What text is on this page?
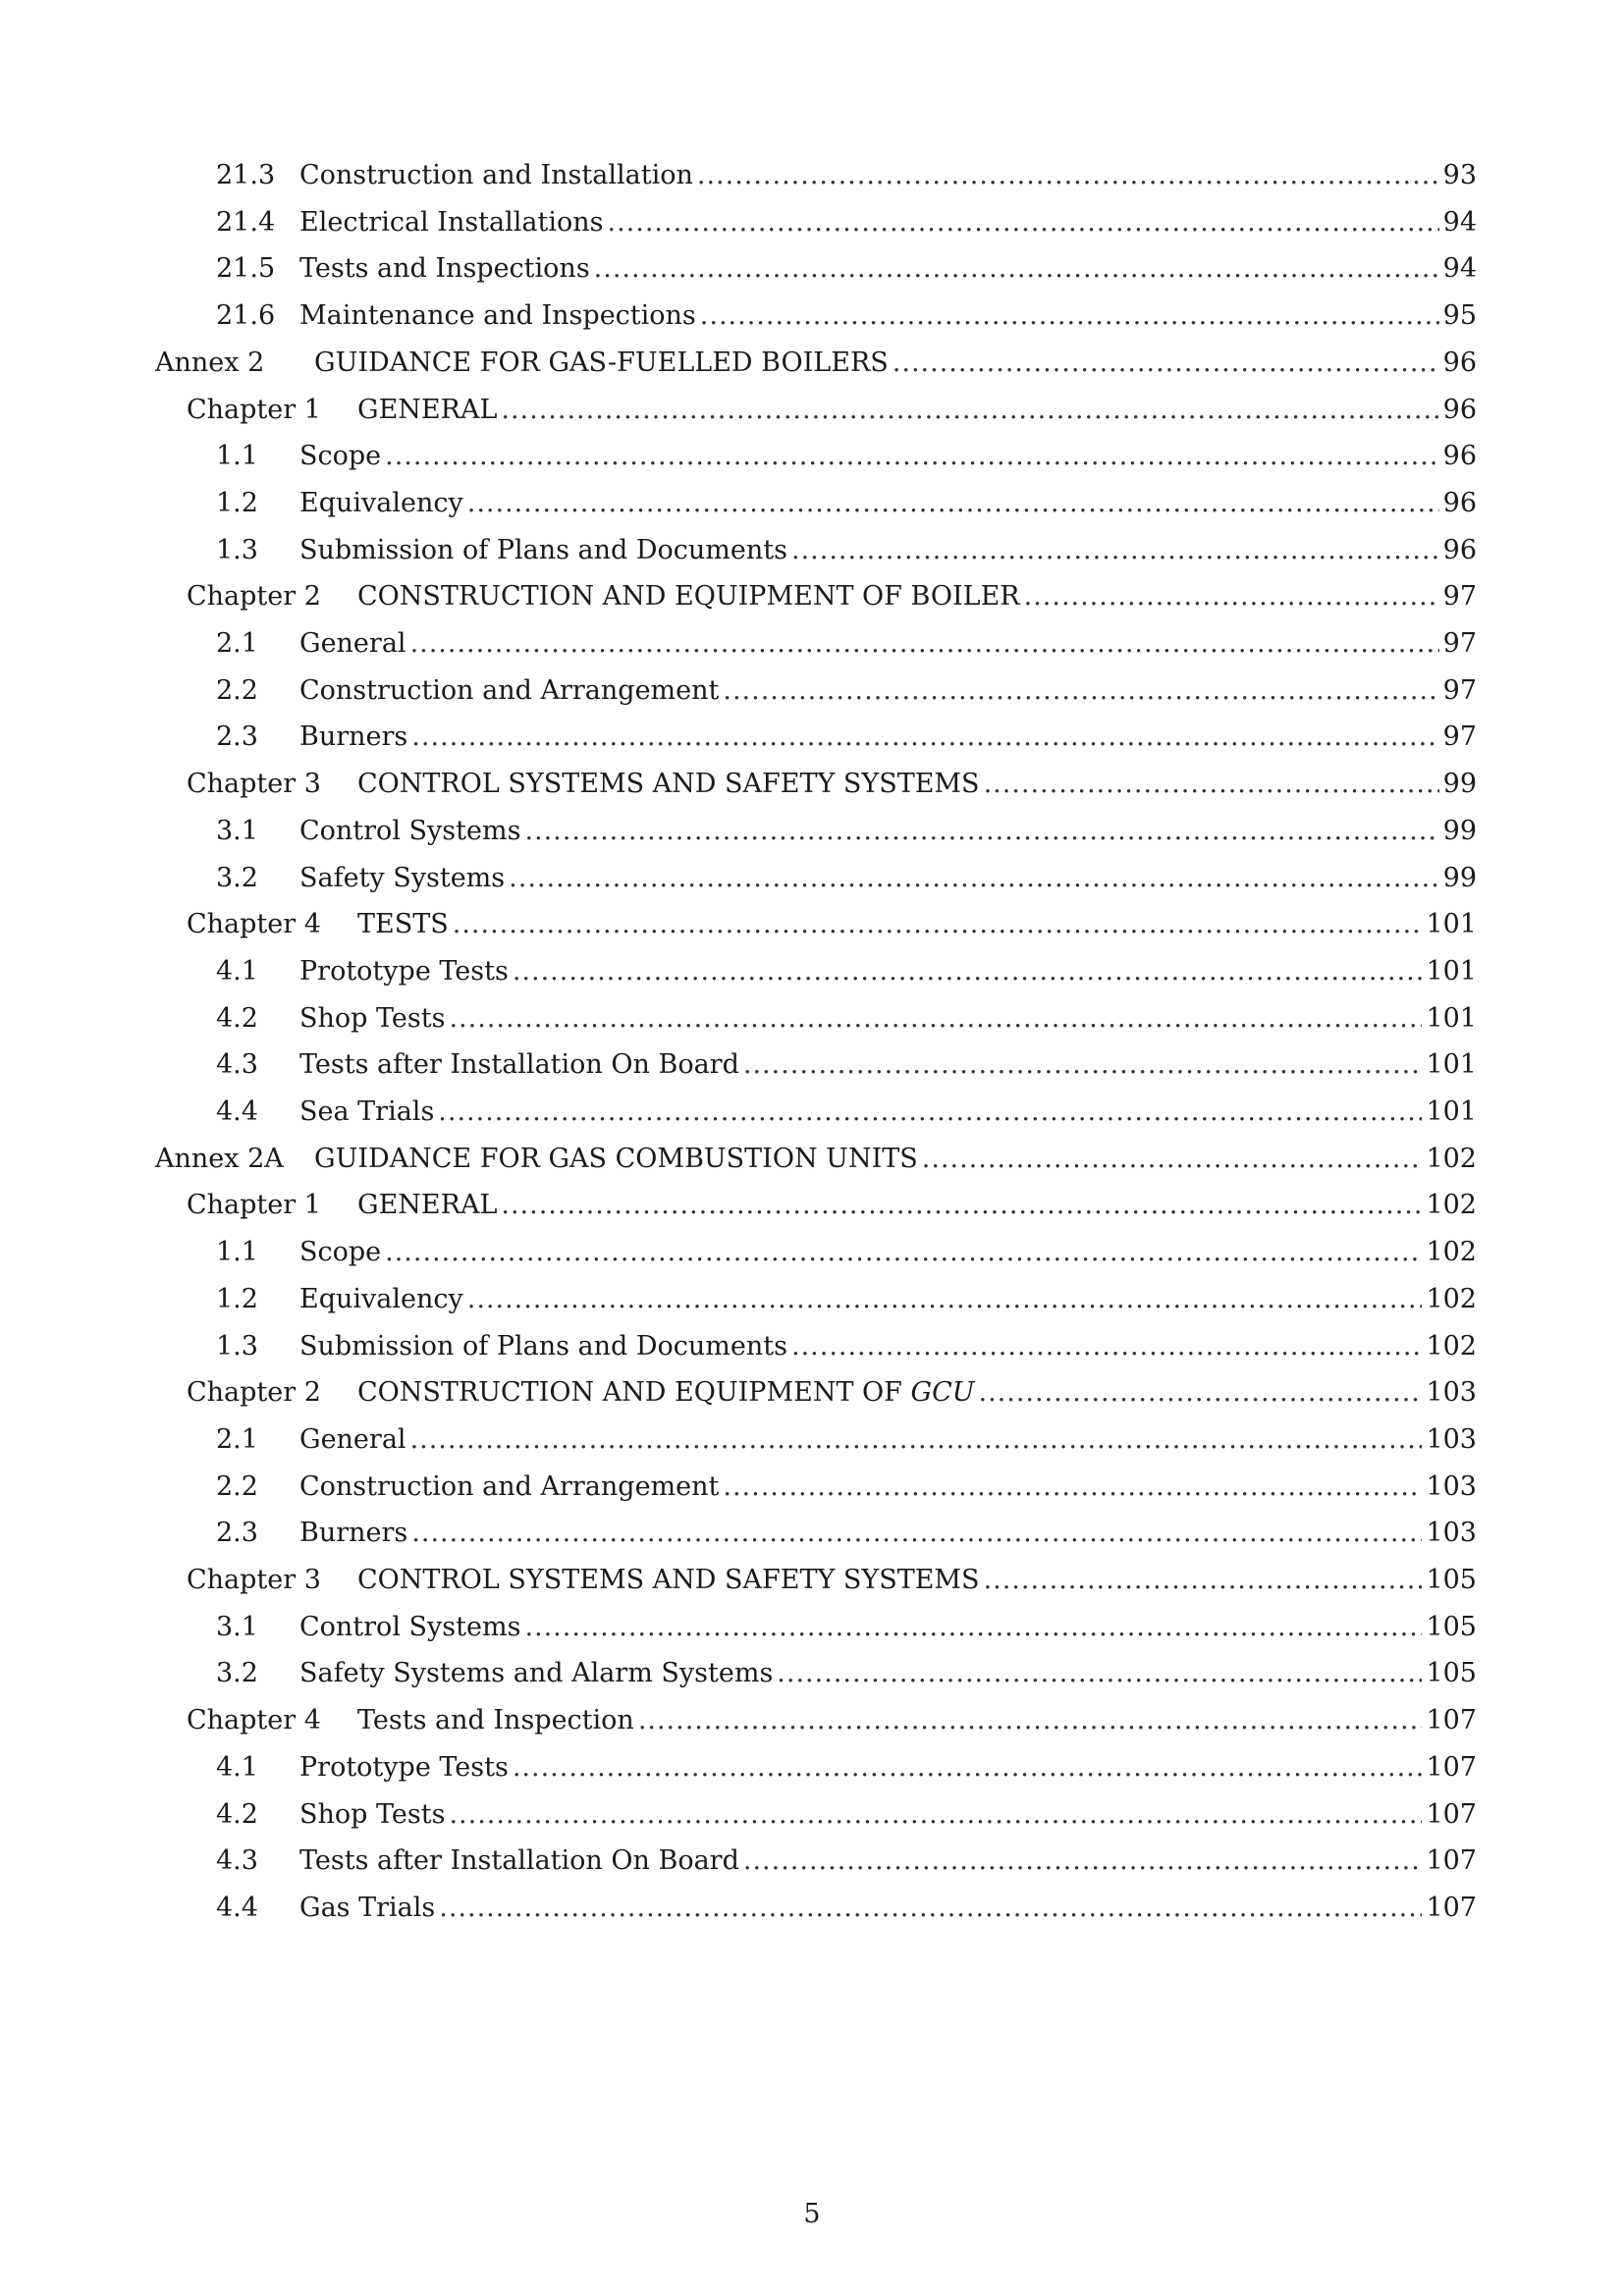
21.3 Construction and Installation .....	93
21.4 Electrical Installations .....	94
21.5 Tests and Inspections .....	94
21.6 Maintenance and Inspections .....	95
Annex 2 GUIDANCE FOR GAS-FUELLED BOILERS .....	96
Chapter 1 GENERAL .....	96
1.1 Scope .....	96
1.2 Equivalency .....	96
1.3 Submission of Plans and Documents .....	96
Chapter 2 CONSTRUCTION AND EQUIPMENT OF BOILER .....	97
2.1 General .....	97
2.2 Construction and Arrangement .....	97
2.3 Burners .....	97
Chapter 3 CONTROL SYSTEMS AND SAFETY SYSTEMS .....	99
3.1 Control Systems .....	99
3.2 Safety Systems .....	99
Chapter 4 TESTS .....	101
4.1 Prototype Tests .....	101
4.2 Shop Tests .....	101
4.3 Tests after Installation On Board .....	101
4.4 Sea Trials .....	101
Annex 2A GUIDANCE FOR GAS COMBUSTION UNITS .....	102
Chapter 1 GENERAL .....	102
1.1 Scope .....	102
1.2 Equivalency .....	102
1.3 Submission of Plans and Documents .....	102
Chapter 2 CONSTRUCTION AND EQUIPMENT OF GCU .....	103
2.1 General .....	103
2.2 Construction and Arrangement .....	103
2.3 Burners .....	103
Chapter 3 CONTROL SYSTEMS AND SAFETY SYSTEMS .....	105
3.1 Control Systems .....	105
3.2 Safety Systems and Alarm Systems .....	105
Chapter 4 Tests and Inspection .....	107
4.1 Prototype Tests .....	107
4.2 Shop Tests .....	107
4.3 Tests after Installation On Board .....	107
4.4 Gas Trials .....	107
5
